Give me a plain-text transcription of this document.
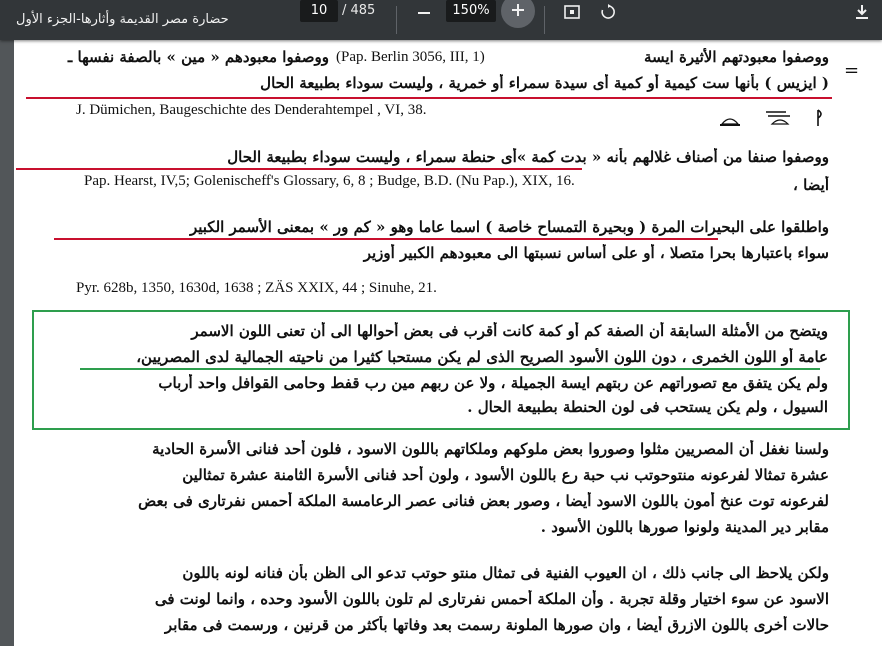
حضارة مصر القديمة وأثارها-الجزء الأول
10	/ 485	150%
=
ووصفوا معبودتهم الأثيرة ايسة
(Pap. Berlin 3056, III, 1)
ووصفوا معبودهم « مين » بالصفة نفسها ـ
( ايزيس ) بأنها ست كيمية أو كمية أى سيدة سمراء أو خمرية ، وليست سوداء بطبيعة الحال
J. Dümichen, Baugeschichte des Denderahtempel , VI, 38.
ووصفوا صنفا من أصناف غلالهم بأنه « بدت كمة »أى حنطة سمراء ، وليست سوداء بطبيعة الحال
Pap. Hearst, IV,5; Golenischeff's Glossary, 6, 8 ; Budge, B.D. (Nu Pap.), XIX, 16.	أيضا ،
واطلقوا على البحيرات المرة ( وبحيرة التمساح خاصة ) اسما عاما وهو « كم ور » بمعنى الأسمر الكبير
سواء باعتبارها بحرا متصلا ، أو على أساس نسبتها الى معبودهم الكبير أوزير
Pyr. 628b, 1350, 1630d, 1638 ; ZÄS XXIX, 44 ; Sinuhe, 21.
ويتضح من الأمثلة السابقة أن الصفة كم أو كمة كانت أقرب فى بعض أحوالها الى أن تعنى اللون الاسمر
عامة أو اللون الخمرى ، دون اللون الأسود الصريح الذى لم يكن مستحبا كثيرا من ناحيته الجمالية لدى المصريين،
ولم يكن يتفق مع تصوراتهم عن ربتهم ايسة الجميلة ، ولا عن ربهم مين رب قفط وحامى القوافل واحد أرباب
السيول ، ولم يكن يستحب فى لون الحنطة بطبيعة الحال .
ولسنا نغفل أن المصريين مثلوا وصوروا بعض ملوكهم وملكاتهم باللون الاسود ، فلون أحد فنانى الأسرة الحادية
عشرة تمثالا لفرعونه منتوحوتب نب حبة رع باللون الأسود ، ولون أحد فنانى الأسرة الثامنة عشرة تمثالين
لفرعونه توت عنخ أمون باللون الاسود أيضا ، وصور بعض فنانى عصر الرعامسة الملكة أحمس نفرتارى فى بعض
مقابر دير المدينة ولونوا صورها باللون الأسود .
ولكن يلاحظ الى جانب ذلك ، ان العيوب الفنية فى تمثال منتو حوتب تدعو الى الظن بأن فنانه لونه باللون
الاسود عن سوء اختيار وقلة تجربة . وأن الملكة أحمس نفرتارى لم تلون باللون الأسود وحده ، وانما لونت فى
حالات أخرى باللون الازرق أيضا ، وان صورها الملونة رسمت بعد وفاتها بأكثر من قرنين ، ورسمت فى مقابر
